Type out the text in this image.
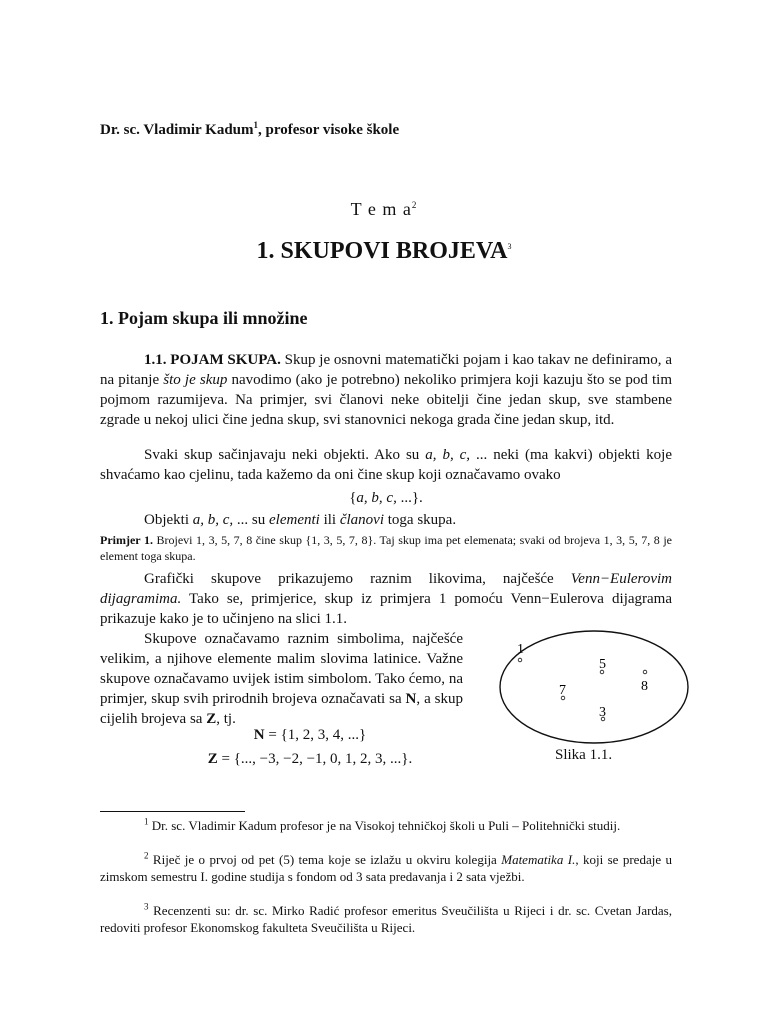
Dr. sc. Vladimir Kadum$^1$, profesor visoke škole
T e m $a^2$
1. SKUPOVI BROJEVA$^3$
1. Pojam skupa ili množine

1.1. POJAM SKUPA. Skup je osnovni matematički pojam i kao takav ne definiramo, a na pitanje što je skup navodimo (ako je potrebno) nekoliko primjera koji kazuju što se pod tim pojmom razumijeva. Na primjer, svi članovi neke obitelji čine jedan skup, sve stambene zgrade u nekoj ulici čine jedna skup, svi stanovnici nekoga grada čine jedan skup, itd.

Svaki skup sačinjavaju neki objekti. Ako su a, b, c, ... neki (ma kakvi) objekti koje shvaćamo kao cjelinu, tada kažemo da oni čine skup koji označavamo ovako

{a, b, c, ...}.

Objekti a, b, c, ... su elementi ili članovi toga skupa.

Primjer 1. Brojevi 1, 3, 5, 7, 8 čine skup {1, 3, 5, 7, 8}. Taj skup ima pet elemenata; svaki od brojeva 1, 3, 5, 7, 8 je element toga skupa.

Grafički skupove prikazujemo raznim likovima, najčešće Venn−Eulerovim dijagramima. Tako se, primjerice, skup iz primjera 1 pomoću Venn−Eulerova dijagrama prikazuje kako je to učinjeno na slici 1.1.

Skupove označavamo raznim simbolima, najčešće velikim, a njihove elemente malim slovima latinice. Važne skupove označavamo uvijek istim simbolom. Tako ćemo, na primjer, skup svih prirodnih brojeva označavati sa N, a skup cijelih brojeva sa Z, tj.

N = {1, 2, 3, 4, ...}
Z = {..., −3, −2, −1, 0, 1, 2, 3, ...}.
1
5
8
7
3
Slika 1.1.

$^1$ Dr. sc. Vladimir Kadum profesor je na Visokoj tehničkoj školi u Puli – Politehnički studij.

$^2$ Riječ je o prvoj od pet (5) tema koje se izlažu u okviru kolegija Matematika I., koji se predaje u zimskom semestru I. godine studija s fondom od 3 sata predavanja i 2 sata vježbi.

$^3$ Recenzenti su: dr. sc. Mirko Radić profesor emeritus Sveučilišta u Rijeci i dr. sc. Cvetan Jardas, redoviti profesor Ekonomskog fakulteta Sveučilišta u Rijeci.
